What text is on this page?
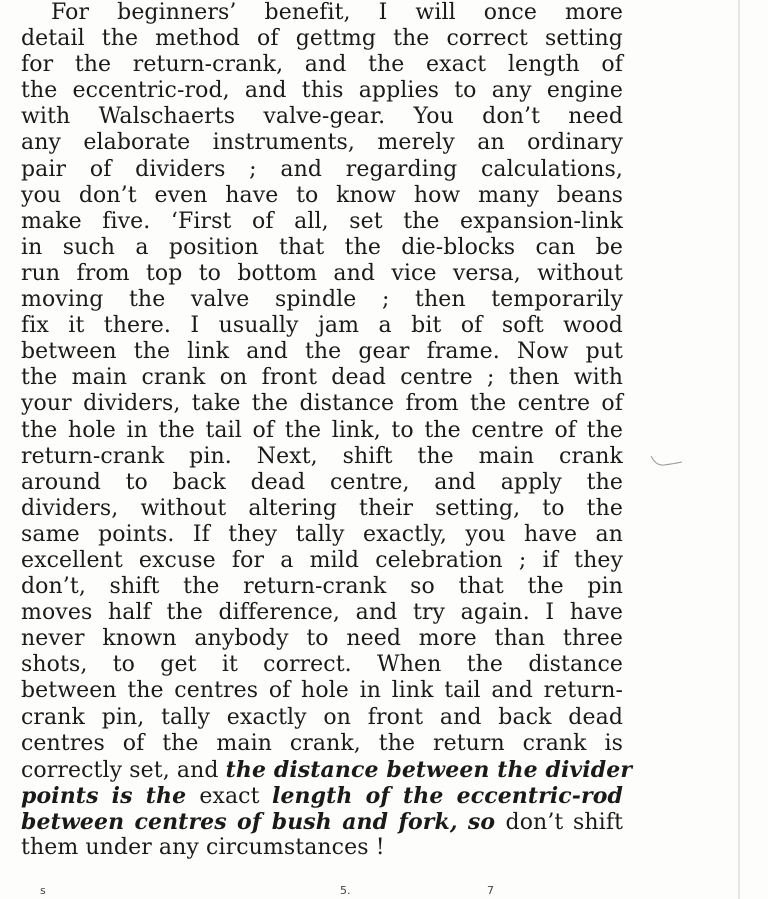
For beginners’ benefit, I will once more
detail the method of gettmg the correct setting
for the return-crank, and the exact length of
the eccentric-rod, and this applies to any engine
with Walschaerts valve-gear. You don’t need
any elaborate instruments, merely an ordinary
pair of dividers ; and regarding calculations,
you don’t even have to know how many beans
make five. ‘First of all, set the expansion-link
in such a position that the die-blocks can be
run from top to bottom and vice versa, without
moving the valve spindle ; then temporarily
fix it there. I usually jam a bit of soft wood
between the link and the gear frame. Now put
the main crank on front dead centre ; then with
your dividers, take the distance from the centre of
the hole in the tail of the link, to the centre of the
return-crank pin. Next, shift the main crank
around to back dead centre, and apply the
dividers, without altering their setting, to the
same points. If they tally exactly, you have an
excellent excuse for a mild celebration ; if they
don’t, shift the return-crank so that the pin
moves half the difference, and try again. I have
never known anybody to need more than three
shots, to get it correct. When the distance
between the centres of hole in link tail and return-
crank pin, tally exactly on front and back dead
centres of the main crank, the return crank is
correctly set, and the distance between the divider
points is the exact length of the eccentric-rod
between centres of bush and fork, so don’t shift
them under any circumstances !
s	5.	7
